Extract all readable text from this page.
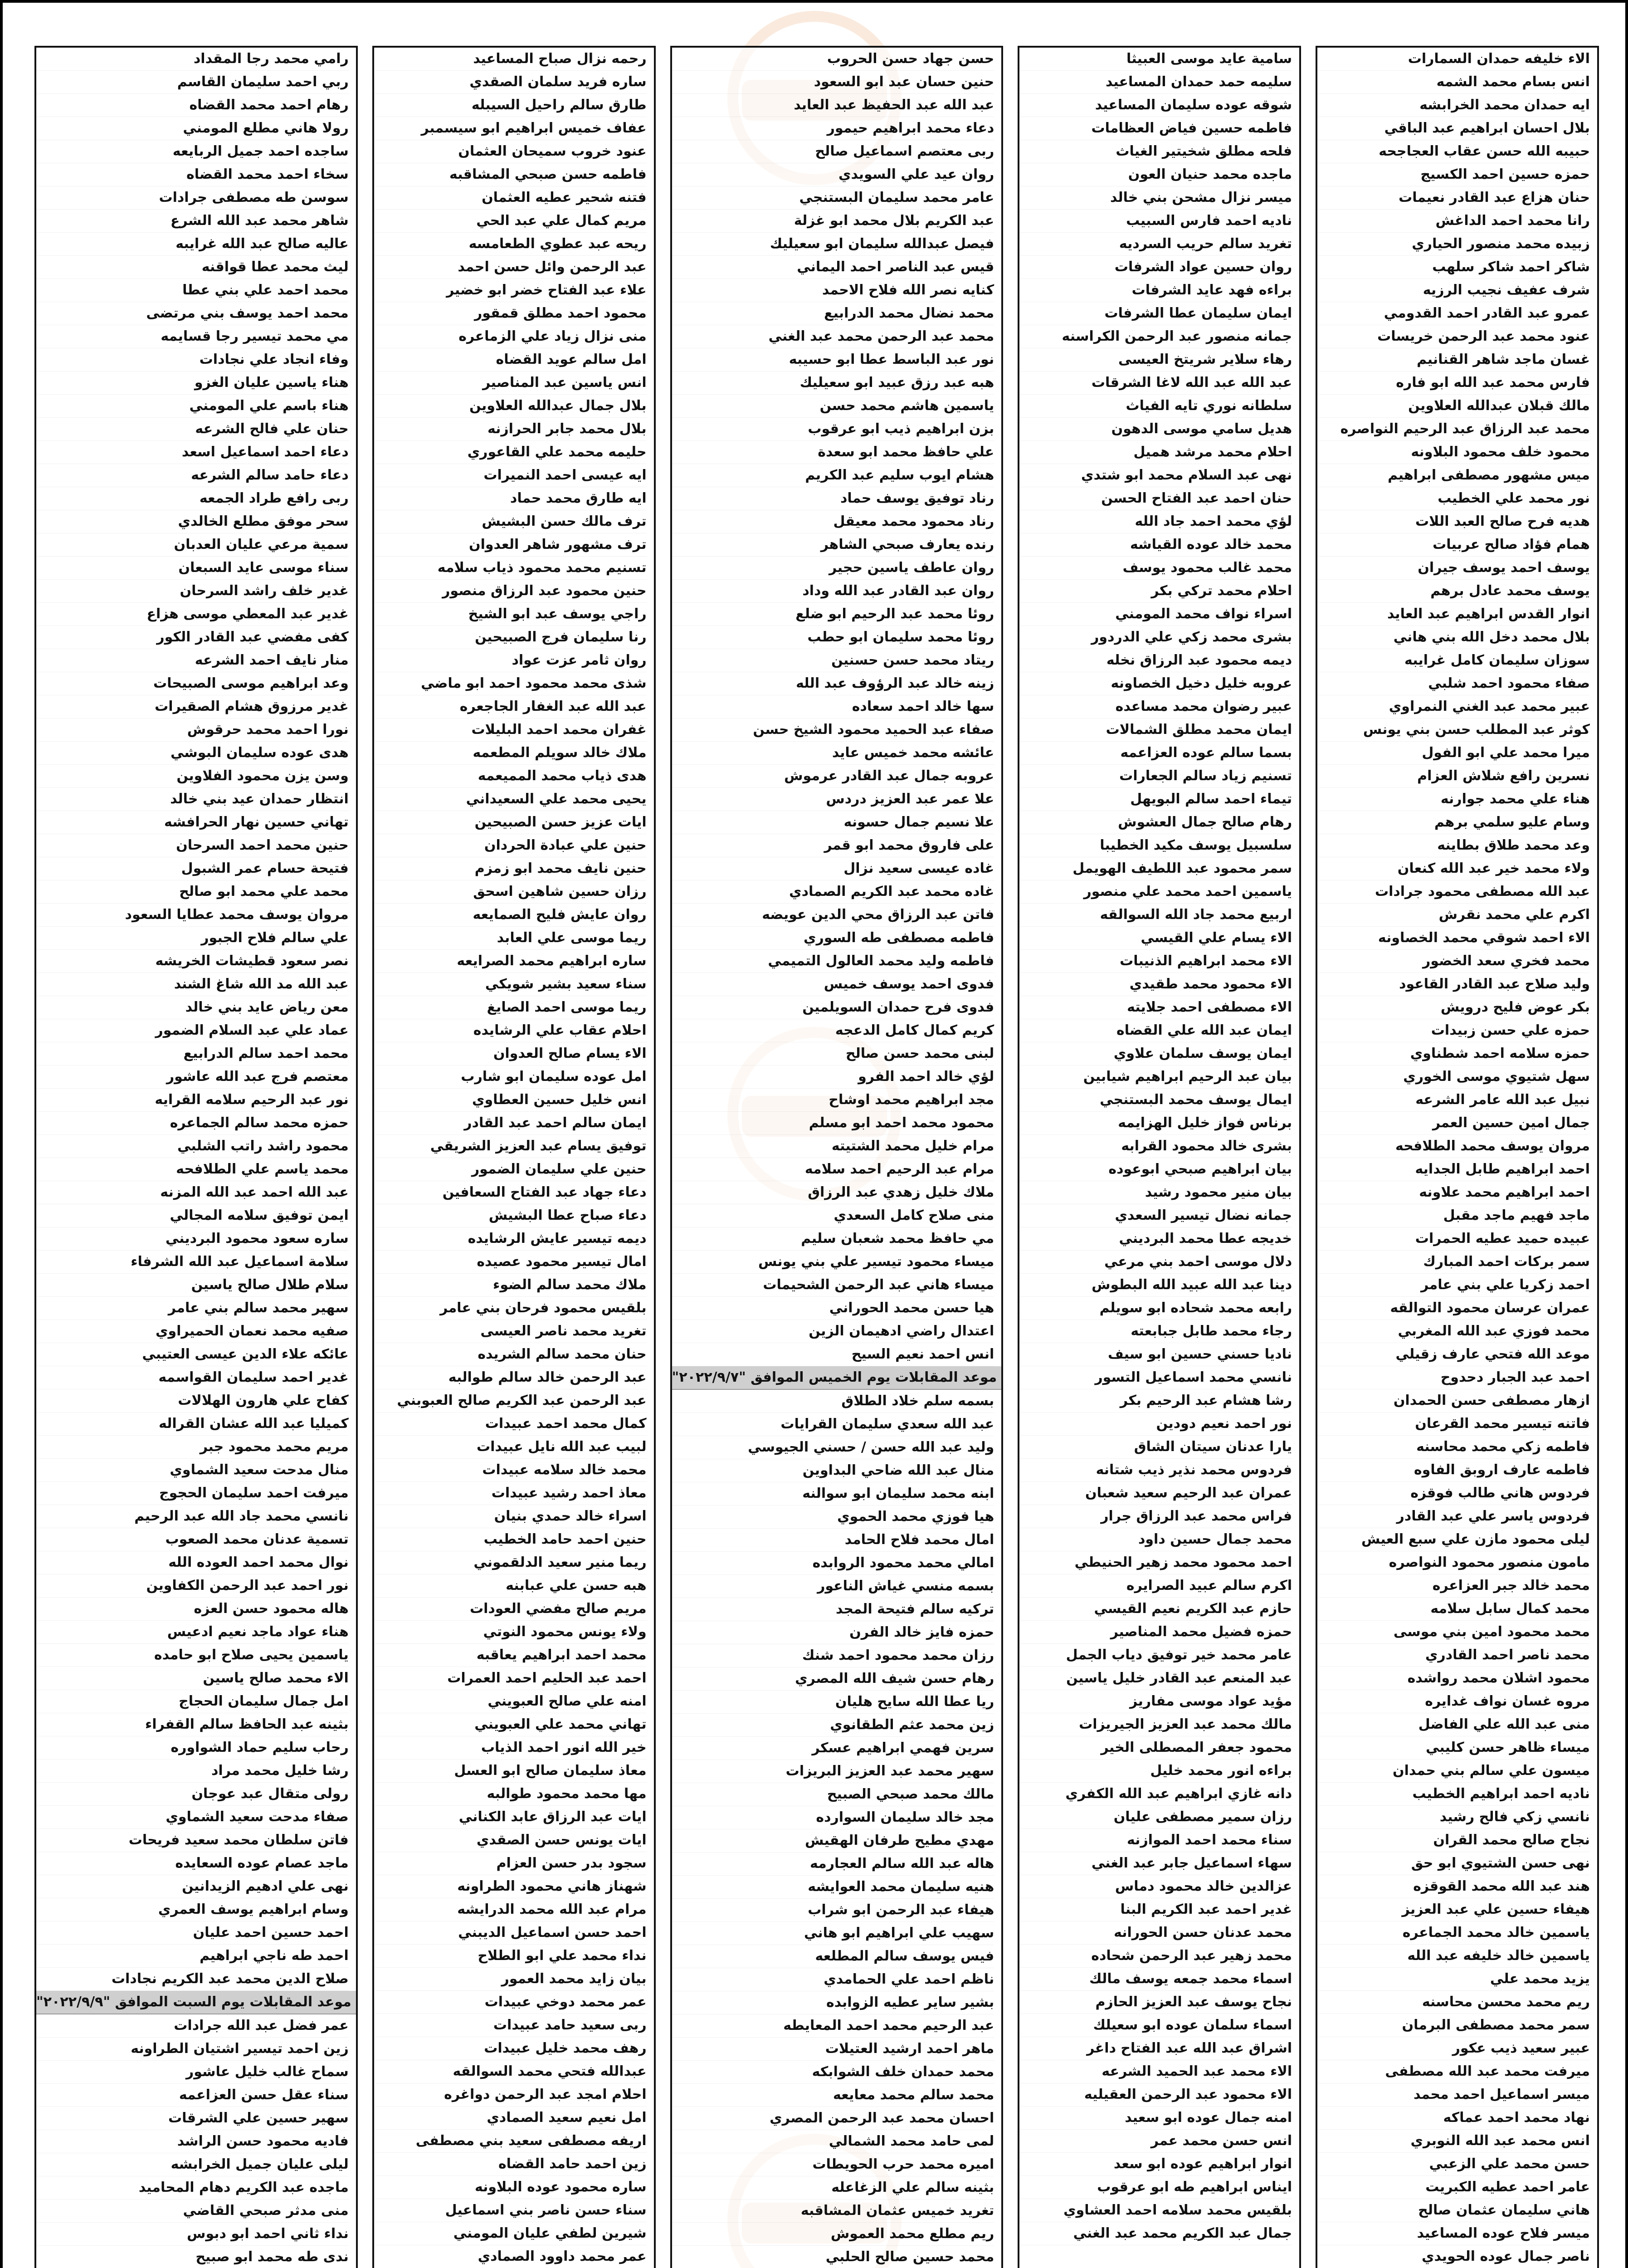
الاء خليفه حمدان السمارات
انس بسام محمد الشمه
ايه حمدان محمد الخرابشه
بلال احسان ابراهيم عبد الباقي
حبيبه الله حسن عقاب العجاجحه
حمزه حسين احمد الكسيج
حنان هزاع عبد القادر نعيمات
رانا محمد احمد الداغش
زبيده محمد منصور الحياري
شاكر احمد شاكر سلهب
شرف عفيف نجيب الرزيه
عمرو عبد القادر احمد القدومي
عنود محمد عبد الرحمن خريسات
غسان ماجد شاهر القنانيم
فارس محمد عبد الله ابو فاره
مالك قبلان عبدالله العلاوين
محمد عبد الرزاق عبد الرحيم النواصره
محمود خلف محمود البلاونه
ميس مشهور مصطفى ابراهيم
نور محمد علي الخطيب
هديه فرح صالح العبد اللات
همام فؤاد صالح عربيات
يوسف احمد يوسف جيران
يوسف محمد عادل برهم
انوار القدس ابراهيم عبد العايد
بلال محمد دخل الله بني هاني
سوزان سليمان كامل غرايبه
صفاء محمود احمد شلبي
عبير محمد عبد الغني النمراوي
كوثر عبد المطلب حسن بني يونس
ميرا محمد علي ابو الفول
نسرين رافع شلاش العزام
هناء علي محمد جوارنه
وسام عليو سلمي برهم
وعد محمد طلاق بطاينه
ولاء محمد خير عبد الله كنعان
عبد الله مصطفى محمود جرادات
اكرم علي محمد نقرش
الاء احمد شوقي محمد الخصاونه
محمد فخري سعد الخضور
وليد صلاح عبد القادر القاعود
بكر عوض فليح درويش
حمزه علي حسن زبيدات
حمزه سلامه احمد شطناوي
سهل شتيوي موسى الخوري
نبيل عبد الله عامر الشرعه
جمال امين حسين العمر
مروان يوسف محمد الطلافحه
احمد ابراهيم طابل الجدايه
احمد ابراهيم محمد علاونه
ماجد فهيم ماجد مقبل
عبيده حميد عطيه الحمرات
سمر بركات احمد المبارك
احمد زكريا علي بني عامر
عمران عرسان محمود التوالقه
محمد فوزي عبد الله المغربي
موعد الله فتحي عارف زقيلي
احمد عبد الجبار دحدوح
ازهار مصطفى حسن الحمدان
فاتنه تيسير محمد القرعان
فاطمه زكي محمد محاسنه
فاطمه عارف اروبق الفاوه
فردوس هاني طالب فوقزه
فردوس ياسر علي عبد القادر
ليلى محمود مازن علي سبع العيش
مامون منصور محمود النواصره
محمد خالد جبر العزاعره
محمد كمال سابل سلامه
محمد محمود امين بني موسى
محمد ناصر احمد القادري
محمود اشلان محمد رواشده
مروه غسان نواف غدايره
منى عبد الله علي الفاضل
ميساء ظاهر حسن كليبي
ميسون علي سالم بني حمدان
ناديه احمد ابراهيم الخطيب
نانسي زكي فالح رشيد
نجاح صالح محمد القران
نهى حسن الشتيوي ابو حق
هند عبد الله محمد القوقزه
هيفاء حسين علي عبد العزيز
ياسمين خالد محمد الجماعره
ياسمين خالد خليفه عبد الله
يزيد محمد علي
ريم محمد محسن محاسنه
سمر محمد مصطفى البرمان
عبير سعيد ذيب عكور
ميرفت محمد عبد الله مصطفى
ميسر اسماعيل احمد محمد
نهاد محمد احمد عماكه
انس محمد عبد الله النوبري
حسن محمد علي الزعبي
عامر احمد عطيه الكبريت
هاني سليمان عثمان صالح
ميسر فلاح عوده المساعيد
ناصر جمال عوده الحويدي
سامية عايد موسى العبيثا
سليمه حمد حمدان المساعيد
شوقه عوده سليمان المساعيد
فاطمه حسين فياض العظامات
فلحه مطلق شخيتير الغياث
ماجده محمد حنيان العون
ميسر نزال مشحن بني خالد
ناديه احمد فارس السبيب
تغريد سالم حريب السرديه
روان حسين عواد الشرفات
براءه فهد عايد الشرفات
ايمان سليمان عطا الشرفات
جمانه منصور عبد الرحمن الكراسنه
رهاء سلاير شريتخ العيسى
عبد الله عبد الله لاغا الشرقات
سلطانه نوري تايه الفياث
هديل سامي موسى الدهون
احلام محمد مرشد هميل
نهى عبد السلام محمد ابو شتدي
حنان احمد عبد الفتاح الحسن
لؤي محمد احمد جاد الله
محمد خالد عوده القياشه
محمد غالب محمود يوسف
احلام محمد تركي بكر
اسراء نواف محمد المومني
بشرى محمد زكي علي الدردور
ديمه محمود عبد الرزاق نخله
عروبه خليل دخيل الخصاونه
عبير رضوان محمد مساعده
ايمان محمد مطلق الشمالات
بسما سالم عوده العزاعمه
تسنيم زياد سالم الجعارات
تيماء احمد سالم البويهل
رهام صالح جمال العشوش
سلسبيل يوسف مكيد الخطيبا
سمر محمود عبد اللطيف الهويمل
ياسمين احمد محمد علي منصور
اربيع محمد جاد الله السوالقه
الاء يسام علي القيسي
الاء محمد ابراهيم الذنيبات
الاء محمود محمد طقيدي
الاء مصطفى احمد جلايته
ايمان عبد الله علي القضاه
ايمان يوسف سلمان علاوي
بيان عبد الرحيم ابراهيم شيابين
ايمال يوسف محمد البستنجي
برناس فواز خليل الهزايمه
بشرى خالد محمود القرابه
بيان ابراهيم صبحي ابوعوده
بيان منير محمود رشيد
جمانه نضال تيسير السعدي
خديجه عطا محمد البرديني
دلال موسى احمد بني مرعي
دينا عبد الله عبيد الله البطوش
رابعه محمد شحاده ابو سويلم
رجاء محمد طابل جبابعته
ناديا حسني حسين ابو سيف
نانسي محمد اسماعيل التسور
رشا هشام عبد الرحيم بكر
نور احمد نعيم دودين
يارا عدنان سيتان الشاق
فردوس محمد نذير ذيب شتانه
عمران عبد الرحيم سعيد شعبان
فراس محمد عبد الرزاق جرار
محمد جمال حسين داود
احمد محمود محمد زهير الحنيطي
اكرم سالم عبيد الصرايره
حازم عبد الكريم نعيم القيسي
حمزه فضيل محمد المناصير
عامر محمد خير توفيق دياب الجمل
عبد المنعم عبد القادر خليل ياسين
مؤيد عواد موسى مفاريز
مالك محمد عبد العزيز الجيريزات
محمود جعفر المصطلى الخير
براءه انور محمد خليل
دانه غازي ابراهيم عبد الله الكفري
رزان سمير مصطفى عليان
سناء محمد احمد الموازنه
سهاء اسماعيل جابر عبد الغني
عزالدين خالد محمود دماس
غدير احمد عبد الكريم البنا
محمد عدنان حسن الحورانه
محمد زهير عبد الرحمن شحاده
اسماء محمد جمعه يوسف مالك
نجاح يوسف عبد العزيز الحازم
اسماء سلمان عوده ابو سعيلك
اشراق عبد الله عبد الفتاح داغر
الاء محمد عبد الحميد الشرعه
الاء محمود عبد الرحمن العقيليه
امنه جمال عوده ابو سعيد
انس حسن محمد عمر
انوار ابراهيم عوده ابو سعد
ايناس ابراهيم طه ابو عرقوب
بلقيس محمد سلامه احمد العشاوي
جمال عبد الكريم محمد عبد الغني
حسن جهاد حسن الحروب
حنين حسان عبد ابو السعود
عبد الله عبد الحفيظ عبد العايد
دعاء محمد ابراهيم حيمور
ربى معتصم اسماعيل صالح
روان عيد علي السويدي
عامر محمد سليمان البستنجي
عبد الكريم بلال محمد ابو غزلة
فيصل عبدالله سليمان ابو سعيليك
قيس عبد الناصر احمد اليماني
كنايه نصر الله فلاح الاحمد
محمد نضال محمد الدرابيع
محمد عبد الرحمن محمد عبد الغني
نور عبد الباسط عطا ابو حسيبه
هبه عبد رزق عبيد ابو سعيليك
ياسمين هاشم محمد حسن
بزن ابراهيم ذيب ابو عرقوب
علي حافظ محمد ابو سعدة
هشام ايوب سليم عبد الكريم
رناد توفيق يوسف حماد
رناد محمود محمد معيقل
رنده يعارف صبحي الشاهر
روان عاطف ياسين حجير
روان عبد القادر عبد الله وداد
روئا محمد عبد الرحيم ابو ضلع
روئا محمد سليمان ابو حطب
ريتاد محمد حسن حسنين
زينه خالد عبد الرؤوف عبد الله
سها خالد احمد سعاده
صفاء عبد الحميد محمود الشيخ حسن
عائشه محمد خميس عايد
عروبه جمال عبد القادر عرموش
علا عمر عبد العزيز دردس
علا نسيم جمال حسونه
على فاروق محمد ابو قمر
غاده عيسى سعيد نزال
غاده محمد عبد الكريم الصمادي
فاتن عبد الرزاق محي الدين عويضه
فاطمه مصطفى طه السوري
فاطمه وليد محمد العالول التميمي
فدوى احمد يوسف خميس
فدوى فرح حمدان السويلمين
كريم كمال كامل الدعجه
لبنى محمد حسن صالح
لؤي خالد احمد الفرو
مجد ابراهيم محمد اوشاح
محمود محمد احمد ابو مسلم
مرام خليل محمد الشتيته
مرام عبد الرحيم احمد سلامه
ملاك خليل زهدي عبد الرزاق
منى صلاح كامل السعدي
مي حافظ محمد شعبان سليم
ميساء محمود تيسير علي بني يونس
ميساء هاني عبد الرحمن الشحيمات
هيا حسن محمد الحوراني
اعتدال راضي ادهيمان الزين
انس احمد نعيم السيح
موعد المقابلات يوم الخميس الموافق "٢٠٢٢/٩/٧"
بسمه سلم خلاد الطلاق
عبد الله سعدي سليمان القرايات
وليد عبد الله حسن / حسني الجيوسي
منال عبد الله ضاحي البداوين
ابنه محمد سليمان ابو سوالنه
هيا فوزي محمد الحموي
امال محمد فلاح الحامد
امالي محمد محمود الروابده
بسمه منسي غياش الناعور
تركيه سالم فتيحة المجد
حمزه فايز خالد الفرن
رزان محمد محمود احمد شنك
رهام حسن شيف الله المصري
ريا عطا الله سايح هليان
زين محمد عثم الطقانوي
سرين فهمي ابراهيم عسكر
سهير محمد عبد العزيز البريزات
مالك محمد صبحي الصبيح
مجد خالد سليمان السوارده
مهدي مطيح طرفان الهقيش
هاله عبد الله سالم العجارمه
هنيه سليمان محمد العوايشه
هيفاء عبد الرحمن ابو شراب
سهيب علي ابراهيم ابو هاني
فيس يوسف سالم المطلعه
ناظم احمد علي الحمامدي
بشير ساير عطيه الزوابده
عبد الرحيم محمد احمد المعايطه
ماهر احمد ارشيد العتيلات
محمد حمدان خلف الشوابكه
محمد سالم محمد معايعه
احسان محمد عبد الرحمن المصري
لمى حامد محمد الشمالي
اميره محمد حرب الحويطات
بثينه سالم علي الزغاعله
تغريد خميس عثمان المشاقبه
ريم مطلع محمد العموش
محمد حسين صالح الحلبي
رحمه نزال صباح المساعيد
ساره فريد سلمان الصقدي
طارق سالم راحيل السيبله
عفاف خميس ابراهيم ابو سيسمبر
عنود خروب سميحان العثمان
فاطمه حسن صبحي المشاقبه
فتنه شحير عطيه العثمان
مريم كمال علي عبد الحي
ريحه عبد عطوي الطعامسه
عبد الرحمن وائل حسن احمد
علاء عبد الفتاح خضر ابو خضير
محمود احمد مطلق قمقور
منى نزال زياد علي الزماعره
امل سالم عويد القضاه
انس ياسين عبد المناصير
بلال جمال عبدالله العلاوين
بلال محمد جابر الحرازنه
حليمه محمد علي القاعوري
ايه عيسى احمد النميرات
ايه طارق محمد حماد
ترف مالك حسن البشيش
ترف مشهور شاهر العدوان
تسنيم محمد محمود ذياب سلامه
حنين محمود عبد الرزاق منصور
راجي يوسف عبد ابو الشيخ
رنا سليمان فرج الصبيحين
روان ثامر عزت عواد
شذى محمد محمود احمد ابو ماضي
عبد الله عبد الغفار الجاجعره
غفران محمد احمد البليلات
ملاك خالد سويلم المطعمه
هدى ذياب محمد المميعمه
يحيى محمد علي السعيداني
ايات عزيز حسن الصبيحين
حنين علي عبادة الحردان
حنين نايف محمد ابو زمزم
رزان حسين شاهين اسحق
روان عايش فليح الصمايعه
ريما موسى علي العابد
ساره ابراهيم محمد الصرايعه
سناء سعيد بشير شويكي
ريما موسى احمد الصايغ
احلام عقاب علي الرشايده
الاء يسام صالح العدوان
امل عوده سليمان ابو شارب
انس خليل حسين العطاوي
ايمان سالم احمد عبد القادر
توفيق يسام عبد العزيز الشريقي
حنين علي سليمان الضمور
دعاء جهاد عبد الفتاح السعافين
دعاء صباح عطا البشيش
ديمه تيسير عايش الرشايده
امال تيسير محمود عصيده
ملاك محمد سالم الضوء
بلقيس محمود فرحان بني عامر
تغريد محمد ناصر العيسى
حنان محمد سالم الشريده
عبد الرحمن خالد سالم طوالبه
عبد الرحمن عبد الكريم صالح العبوبني
كمال محمد احمد عبيدات
لبيب عبد الله نايل عبيدات
محمد خالد سلامه عبيدات
معاذ احمد رشيد عبيدات
اسراء خالد حمدي بنيان
حنين احمد حامد الخطيب
ريما منير سعيد الدلقموني
هبه حسن علي عبابنه
مريم صالح مفضي العودات
ولاء يونس محمود النوتي
محمد احمد ابراهيم يعاقبه
احمد عبد الحليم احمد العمرات
امنه علي صالح العبويني
تهاني محمد علي العبويني
خير الله انور احمد الذياب
معاذ سليمان صالح ابو العسل
مها محمد محمود طوالبه
ايات عبد الرزاق عابد الكناني
ايات يونس حسن الصقدي
سجود بدر حسن العزام
شهناز هاني محمود الطراونه
مرام عبد الله محمد الدرايشه
احمد حسن اسماعيل الديبني
نداء محمد علي ابو الطلاح
بيان زايد محمد العمور
عمر محمد دوخي عبيدات
ربى سعيد حامد عبيدات
رهف محمد خليل عبيدات
عبدالله فتحي محمد السوالقه
احلام امجد عبد الرحمن دواغره
امل نعيم سعيد الصمادي
اريفه مصطفى سعيد بني مصطفى
زين احمد حامد القضاه
ساره محمود عوده البلاونه
سناء حسن ناصر بني اسماعيل
شيرين لطفي عليان المومني
عمر محمد داوود الصمادي
رامي محمد رجا المقداد
ربي احمد سليمان القاسم
رهام احمد محمد القضاه
رولا هاني مطلع المومني
ساجده احمد جميل الربايعه
سخاء احمد محمد القضاه
سوسن طه مصطفى جرادات
شاهر محمد عبد الله الشرع
عاليه صالح عبد الله غرايبه
ليث محمد عطا قواقنه
محمد احمد علي بني عطا
محمد احمد يوسف بني مرتضى
مي محمد تيسير رجا قسايمه
وفاء انجاد علي نجادات
هناء ياسين عليان الغزو
هناء باسم علي المومني
حنان علي فالح الشرعه
دعاء احمد اسماعيل اسعد
دعاء حامد سالم الشرعه
ربى رافع طراد الجمعه
سحر موفق مطلع الخالدي
سمية مرعي عليان العدبان
سناء موسى عايد السبعان
غدير خلف راشد السرحان
غدير عبد المعطي موسى هزاع
كفى مفضي عبد القادر الكور
منار نايف احمد الشرعه
وعد ابراهيم موسى الصبيحات
غدير مرزوق هشام الصقيرات
نورا احمد محمد حرقوش
هدى عوده سليمان البوشي
وسن يزن محمود الفلاوين
انتظار حمدان عيد بني خالد
تهاني حسين نهار الحرافشه
حنين محمد احمد السرحان
فتيحة حسام عمر الشبول
محمد علي محمد ابو صالح
مروان يوسف محمد عطايا السعود
علي سالم فلاح الجبور
نصر سعود قطيشات الخريشه
عبد الله مد الله شاغ الشند
معن رياض عايد بني خالد
عماد علي عبد السلام الضمور
محمد احمد سالم الدرابيع
معتصم فرج عبد الله عاشور
نور عبد الرحيم سلامه القرايه
حمزه محمد سالم الجماعره
محمود راشد راتب الشلبي
محمد ياسم علي الطلافحه
عبد الله احمد عبد الله المزنه
ايمن توفيق سلامه المجالي
ساره سعود محمود البرديني
سلامة اسماعيل عبد الله الشرفاء
سلام طلال صالح ياسين
سهير محمد سالم بني عامر
صفيه محمد نعمان الحميراوي
عائكه علاء الدين عيسى العتيبي
غدير احمد سليمان القواسمه
كفاح علي هارون الهلالات
كميليا عبد الله عشان القراله
مريم محمد محمود جبر
منال مدحت سعيد الشماوي
ميرفت احمد سليمان الحجوج
نانسي محمد جاد الله عبد الرحيم
تسمية عدنان محمد الصعوب
نوال محمد احمد العوده الله
نور احمد عبد الرحمن الكفاوين
هاله محمود حسن العزه
هناء عواد ماجد نعيم ادعيس
ياسمين يحيى صلاح ابو حامده
الاء محمد صالح ياسين
امل جمال سليمان الحجاج
بثينه عبد الحافظ سالم القفراء
رحاب سليم حماد الشواوره
رشا خليل محمد مراد
رولى متقال عبد عوجان
صفاء مدحت سعيد الشماوي
فاتن سلطان محمد سعيد فريحات
ماجد عصام عوده السعايده
نهى علي ادهيم الزيدانين
وسام ابراهيم يوسف العمري
احمد حسين احمد عليان
احمد طه ناجي ابراهيم
صلاح الدين محمد عبد الكريم نجادات
موعد المقابلات يوم السبت الموافق "٢٠٢٢/٩/٩"
عمر فضل عبد الله جرادات
زين احمد تيسير اشتيان الطراونه
سماح غالب خليل عاشور
سناء عقل حسن العزاعمه
سهير حسين علي الشرقات
فاديه محمود حسن الراشد
ليلى عليان جميل الخرابشه
ماجده عبد الكريم دهام المحاميد
منى مدثر صبحي القاضي
نداء ثاني احمد ابو دبوس
ندى طه محمد ابو صبيح
